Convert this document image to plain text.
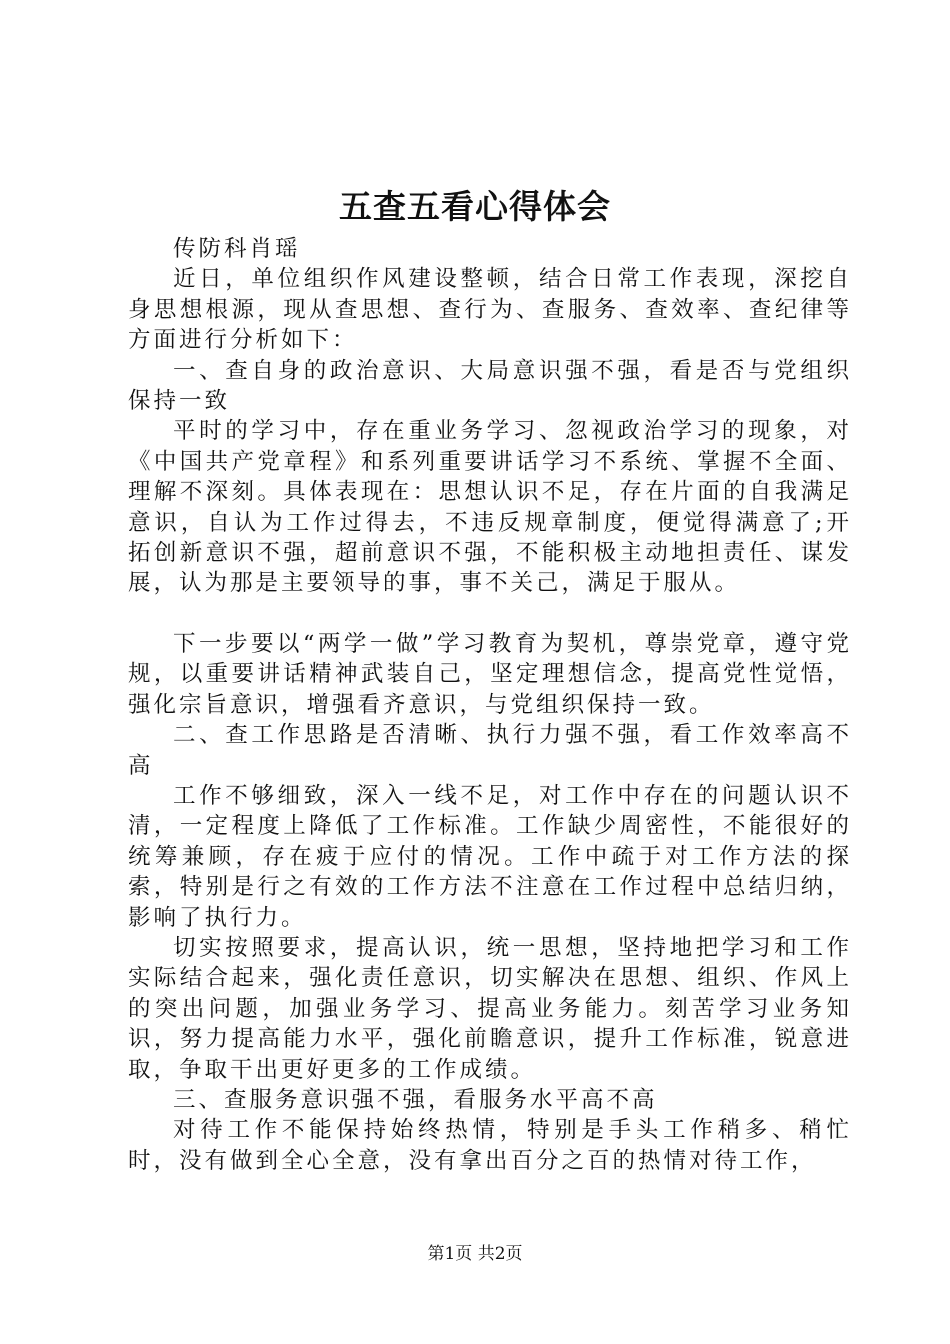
五查五看心得体会

传防科肖瑶

近日，单位组织作风建设整顿，结合日常工作表现，深挖自身思想根源，现从查思想、查行为、查服务、查效率、查纪律等方面进行分析如下：

一、查自身的政治意识、大局意识强不强，看是否与党组织保持一致

平时的学习中，存在重业务学习、忽视政治学习的现象，对《中国共产党章程》和系列重要讲话学习不系统、掌握不全面、理解不深刻。具体表现在：思想认识不足，存在片面的自我满足意识，自认为工作过得去，不违反规章制度，便觉得满意了;开拓创新意识不强，超前意识不强，不能积极主动地担责任、谋发展，认为那是主要领导的事，事不关己，满足于服从。

下一步要以“两学一做”学习教育为契机，尊崇党章，遵守党规，以重要讲话精神武装自己，坚定理想信念，提高党性觉悟，强化宗旨意识，增强看齐意识，与党组织保持一致。

二、查工作思路是否清晰、执行力强不强，看工作效率高不高

工作不够细致，深入一线不足，对工作中存在的问题认识不清，一定程度上降低了工作标准。工作缺少周密性，不能很好的统筹兼顾，存在疲于应付的情况。工作中疏于对工作方法的探索，特别是行之有效的工作方法不注意在工作过程中总结归纳，影响了执行力。

切实按照要求，提高认识，统一思想，坚持地把学习和工作实际结合起来，强化责任意识，切实解决在思想、组织、作风上的突出问题，加强业务学习、提高业务能力。刻苦学习业务知识，努力提高能力水平，强化前瞻意识，提升工作标准，锐意进取，争取干出更好更多的工作成绩。

三、查服务意识强不强，看服务水平高不高

对待工作不能保持始终热情，特别是手头工作稍多、稍忙时，没有做到全心全意，没有拿出百分之百的热情对待工作，

第1页 共2页
